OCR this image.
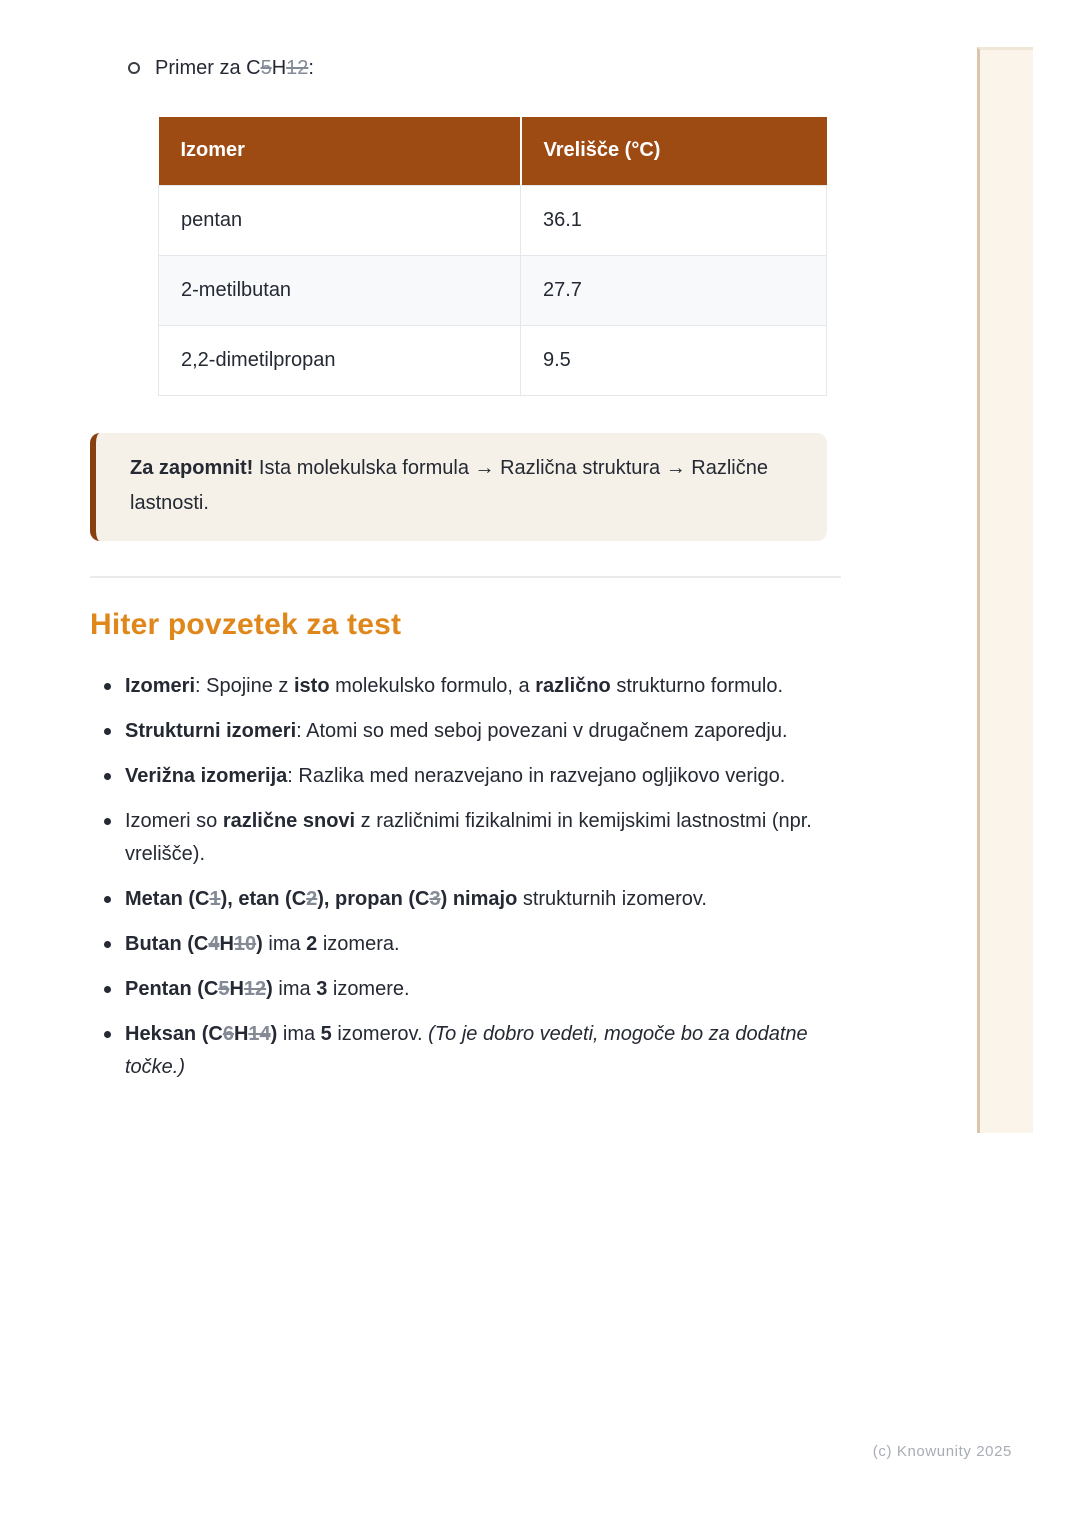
Primer za C5H12:
Izomer	Vrelišče (°C)
pentan	36.1
2-metilbutan	27.7
2,2-dimetilpropan	9.5
Za zapomnit! Ista molekulska formula → Različna struktura → Različne lastnosti.
Hiter povzetek za test
Izomeri: Spojine z isto molekulsko formulo, a različno strukturno formulo.
Strukturni izomeri: Atomi so med seboj povezani v drugačnem zaporedju.
Verižna izomerija: Razlika med nerazvejano in razvejano ogljikovo verigo.
Izomeri so različne snovi z različnimi fizikalnimi in kemijskimi lastnostmi (npr. vrelišče).
Metan (C1), etan (C2), propan (C3) nimajo strukturnih izomerov.
Butan (C4H10) ima 2 izomera.
Pentan (C5H12) ima 3 izomere.
Heksan (C6H14) ima 5 izomerov. (To je dobro vedeti, mogoče bo za dodatne točke.)
(c) Knowunity 2025
